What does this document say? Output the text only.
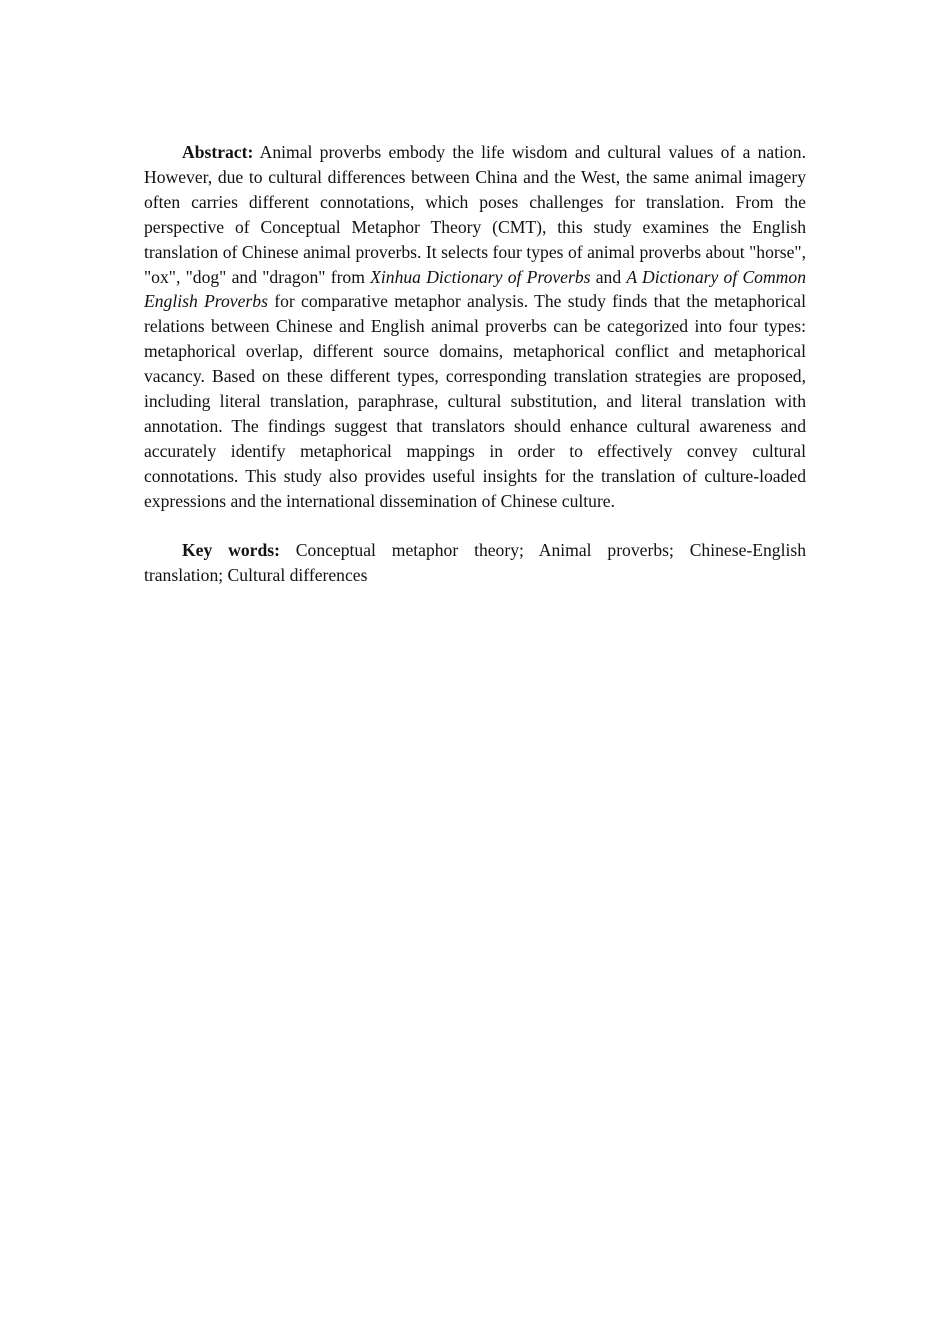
Abstract: Animal proverbs embody the life wisdom and cultural values of a nation. However, due to cultural differences between China and the West, the same animal imagery often carries different connotations, which poses challenges for translation. From the perspective of Conceptual Metaphor Theory (CMT), this study examines the English translation of Chinese animal proverbs. It selects four types of animal proverbs about "horse", "ox", "dog" and "dragon" from Xinhua Dictionary of Proverbs and A Dictionary of Common English Proverbs for comparative metaphor analysis. The study finds that the metaphorical relations between Chinese and English animal proverbs can be categorized into four types: metaphorical overlap, different source domains, metaphorical conflict and metaphorical vacancy. Based on these different types, corresponding translation strategies are proposed, including literal translation, paraphrase, cultural substitution, and literal translation with annotation. The findings suggest that translators should enhance cultural awareness and accurately identify metaphorical mappings in order to effectively convey cultural connotations. This study also provides useful insights for the translation of culture-loaded expressions and the international dissemination of Chinese culture.

Key words: Conceptual metaphor theory; Animal proverbs; Chinese-English translation; Cultural differences
